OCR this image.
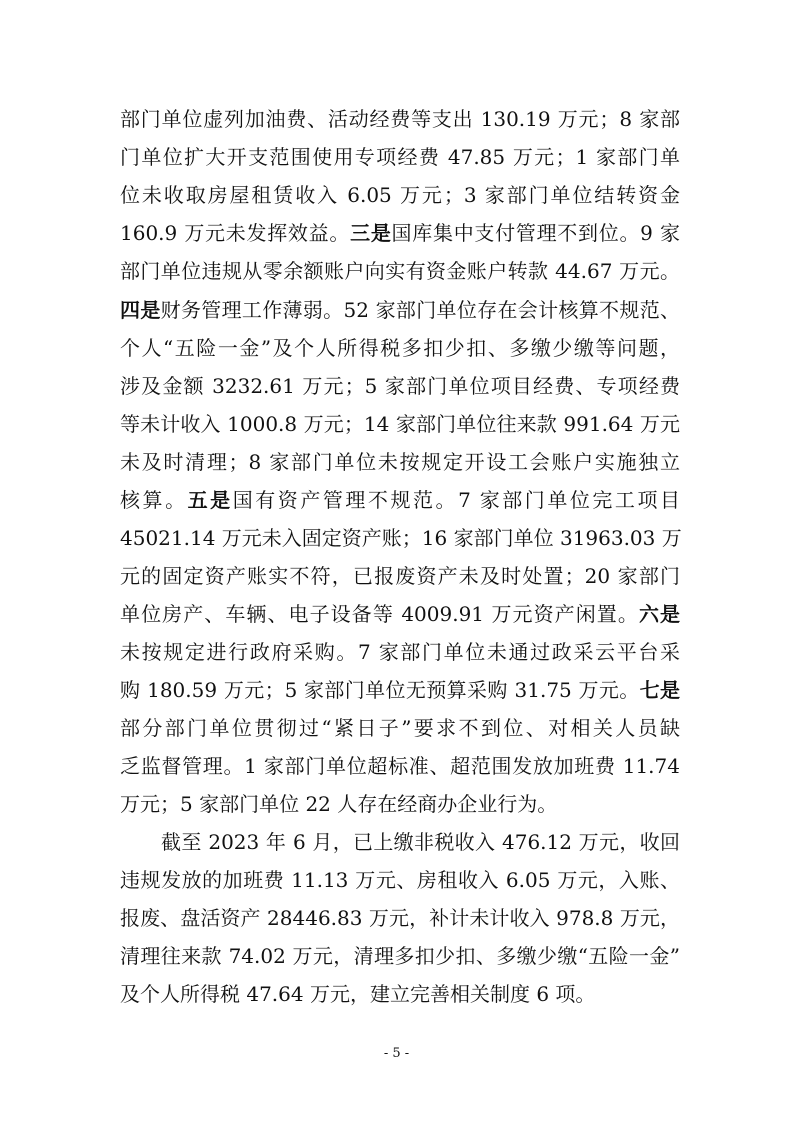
部门单位虚列加油费、活动经费等支出 130.19 万元；8 家部
门单位扩大开支范围使用专项经费 47.85 万元；1 家部门单
位未收取房屋租赁收入 6.05 万元；3 家部门单位结转资金
160.9 万元未发挥效益。三是国库集中支付管理不到位。9 家
部门单位违规从零余额账户向实有资金账户转款 44.67 万元。
四是财务管理工作薄弱。52 家部门单位存在会计核算不规范、
个人“五险一金”及个人所得税多扣少扣、多缴少缴等问题，
涉及金额 3232.61 万元；5 家部门单位项目经费、专项经费
等未计收入 1000.8 万元；14 家部门单位往来款 991.64 万元
未及时清理；8 家部门单位未按规定开设工会账户实施独立
核算。五是国有资产管理不规范。7 家部门单位完工项目
45021.14 万元未入固定资产账；16 家部门单位 31963.03 万
元的固定资产账实不符，已报废资产未及时处置；20 家部门
单位房产、车辆、电子设备等 4009.91 万元资产闲置。六是
未按规定进行政府采购。7 家部门单位未通过政采云平台采
购 180.59 万元；5 家部门单位无预算采购 31.75 万元。七是
部分部门单位贯彻过“紧日子”要求不到位、对相关人员缺
乏监督管理。1 家部门单位超标准、超范围发放加班费 11.74
万元；5 家部门单位 22 人存在经商办企业行为。
截至 2023 年 6 月，已上缴非税收入 476.12 万元，收回
违规发放的加班费 11.13 万元、房租收入 6.05 万元，入账、
报废、盘活资产 28446.83 万元，补计未计收入 978.8 万元，
清理往来款 74.02 万元，清理多扣少扣、多缴少缴“五险一金”
及个人所得税 47.64 万元，建立完善相关制度 6 项。
- 5 -
